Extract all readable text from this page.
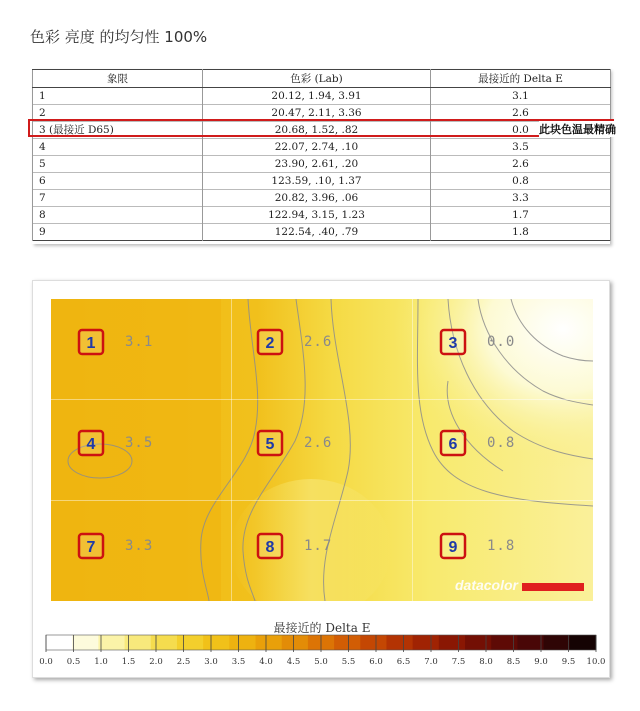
色彩 亮度 的均匀性 100%
象限	色彩 (Lab)	最接近的 Delta E
1	20.12, 1.94, 3.91	3.1
2	20.47, 2.11, 3.36	2.6
3 (最接近 D65)	20.68, 1.52, .82	0.0
4	22.07, 2.74, .10	3.5
5	23.90, 2.61, .20	2.6
6	123.59, .10, 1.37	0.8
7	20.82, 3.96, .06	3.3
8	122.94, 3.15, 1.23	1.7
9	122.54, .40, .79	1.8
此块色温最精确
1 3.1	2 2.6	3 0.0
4 3.5	5 2.6	6 0.8
7 3.3	8 1.7	9 1.8
datacolor
最接近的 Delta E
0.0 0.5 1.0 1.5 2.0 2.5 3.0 3.5 4.0 4.5 5.0 5.5 6.0 6.5 7.0 7.5 8.0 8.5 9.0 9.5 10.0
